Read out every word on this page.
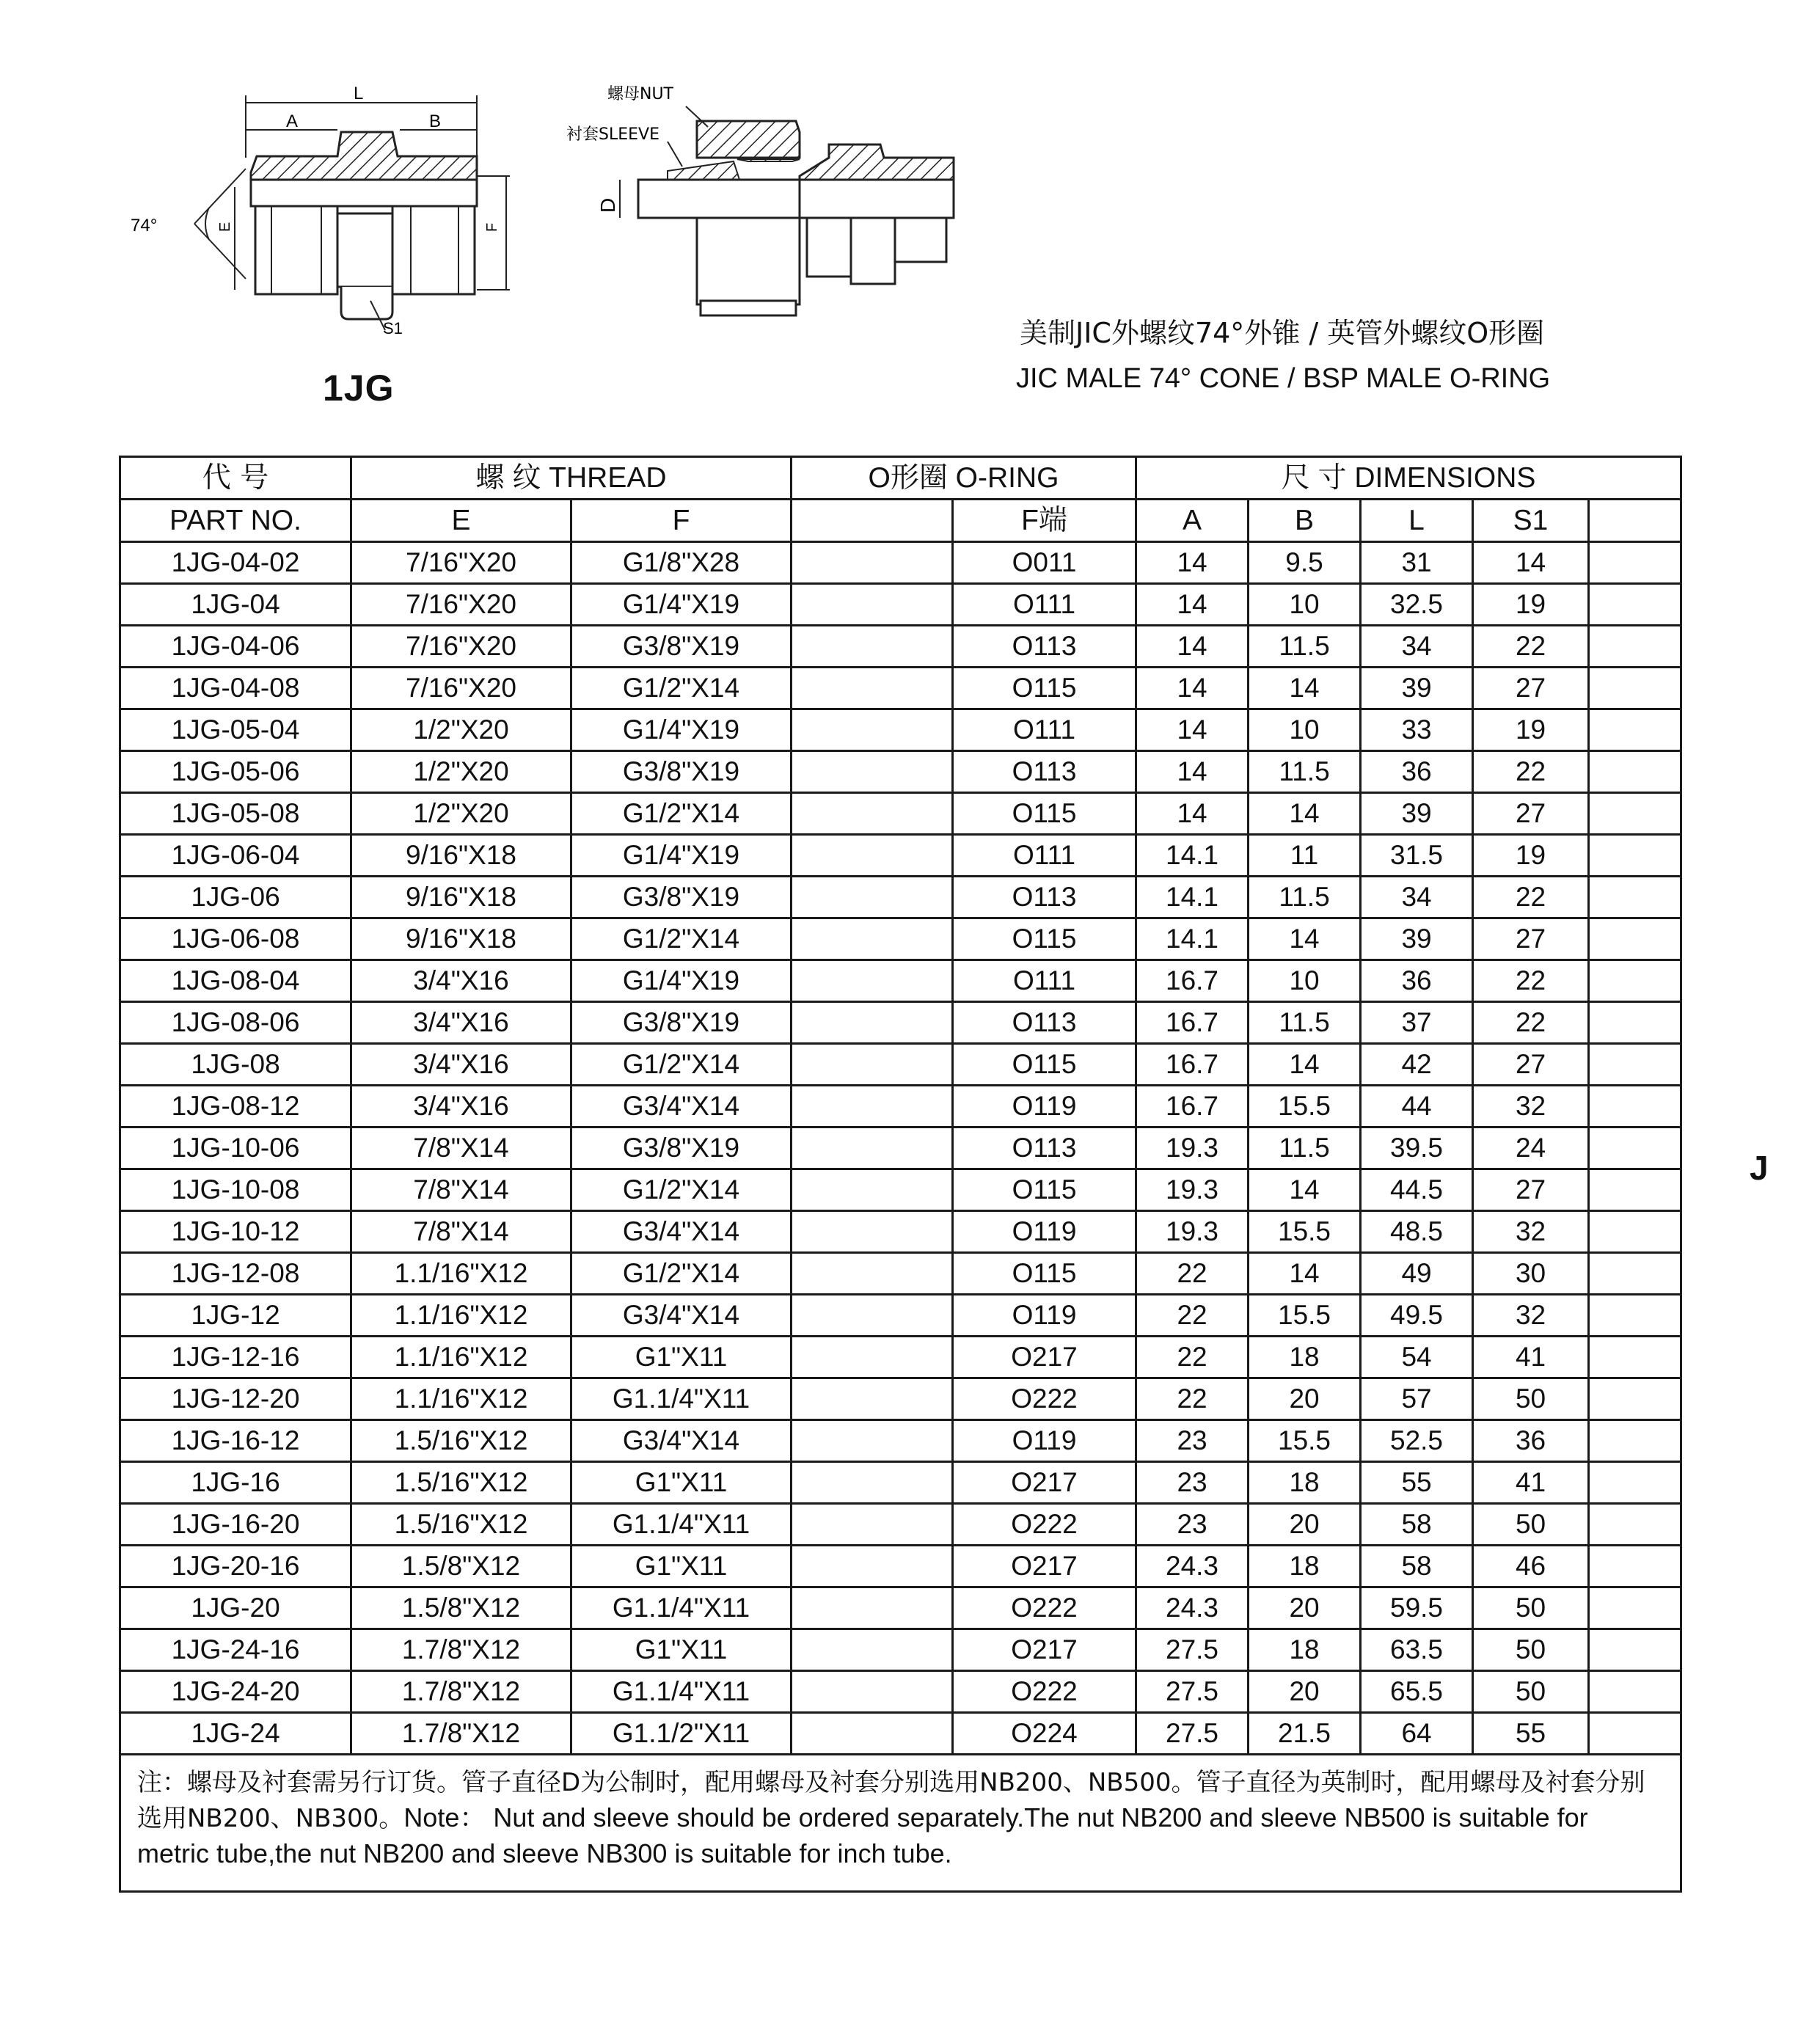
L
A	B
74°	E	F
S1
螺母NUT
衬套SLEEVE
D
1JG
美制JIC外螺纹74°外锥 / 英管外螺纹O形圈
JIC MALE 74° CONE / BSP MALE O-RING
J
代 号	螺 纹 THREAD		O形圈 O-RING		尺 寸 DIMENSIONS				
PART NO.	E	F		F端	A	B	L	S1	
1JG-04-02	7/16"X20	G1/8"X28		O011	14	9.5	31	14	
1JG-04	7/16"X20	G1/4"X19		O111	14	10	32.5	19	
1JG-04-06	7/16"X20	G3/8"X19		O113	14	11.5	34	22	
1JG-04-08	7/16"X20	G1/2"X14		O115	14	14	39	27	
1JG-05-04	1/2"X20	G1/4"X19		O111	14	10	33	19	
1JG-05-06	1/2"X20	G3/8"X19		O113	14	11.5	36	22	
1JG-05-08	1/2"X20	G1/2"X14		O115	14	14	39	27	
1JG-06-04	9/16"X18	G1/4"X19		O111	14.1	11	31.5	19	
1JG-06	9/16"X18	G3/8"X19		O113	14.1	11.5	34	22	
1JG-06-08	9/16"X18	G1/2"X14		O115	14.1	14	39	27	
1JG-08-04	3/4"X16	G1/4"X19		O111	16.7	10	36	22	
1JG-08-06	3/4"X16	G3/8"X19		O113	16.7	11.5	37	22	
1JG-08	3/4"X16	G1/2"X14		O115	16.7	14	42	27	
1JG-08-12	3/4"X16	G3/4"X14		O119	16.7	15.5	44	32	
1JG-10-06	7/8"X14	G3/8"X19		O113	19.3	11.5	39.5	24	
1JG-10-08	7/8"X14	G1/2"X14		O115	19.3	14	44.5	27	
1JG-10-12	7/8"X14	G3/4"X14		O119	19.3	15.5	48.5	32	
1JG-12-08	1.1/16"X12	G1/2"X14		O115	22	14	49	30	
1JG-12	1.1/16"X12	G3/4"X14		O119	22	15.5	49.5	32	
1JG-12-16	1.1/16"X12	G1"X11		O217	22	18	54	41	
1JG-12-20	1.1/16"X12	G1.1/4"X11		O222	22	20	57	50	
1JG-16-12	1.5/16"X12	G3/4"X14		O119	23	15.5	52.5	36	
1JG-16	1.5/16"X12	G1"X11		O217	23	18	55	41	
1JG-16-20	1.5/16"X12	G1.1/4"X11		O222	23	20	58	50	
1JG-20-16	1.5/8"X12	G1"X11		O217	24.3	18	58	46	
1JG-20	1.5/8"X12	G1.1/4"X11		O222	24.3	20	59.5	50	
1JG-24-16	1.7/8"X12	G1"X11		O217	27.5	18	63.5	50	
1JG-24-20	1.7/8"X12	G1.1/4"X11		O222	27.5	20	65.5	50	
1JG-24	1.7/8"X12	G1.1/2"X11		O224	27.5	21.5	64	55	
注：螺母及衬套需另行订货。管子直径D为公制时，配用螺母及衬套分别选用NB200、NB500。管子直径为英制时，配用螺母及衬套分别选用NB200、NB300。Note： Nut and sleeve should be ordered separately.The nut NB200 and sleeve NB500 is suitable for metric tube,the nut NB200 and sleeve NB300 is suitable for inch tube.									
